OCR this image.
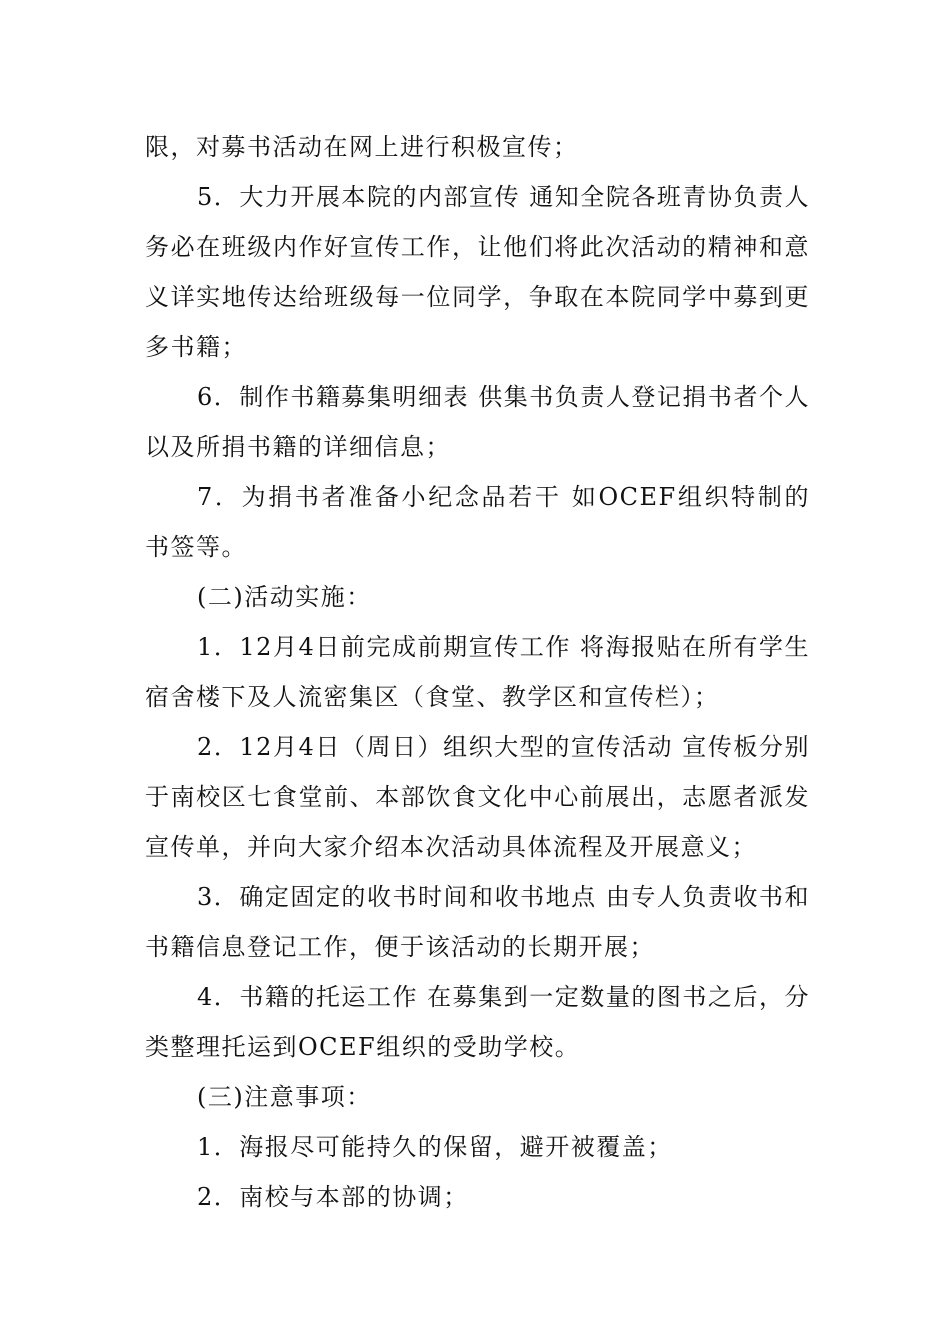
限，对募书活动在网上进行积极宣传；

5．大力开展本院的内部宣传 通知全院各班青协负责人务必在班级内作好宣传工作，让他们将此次活动的精神和意义详实地传达给班级每一位同学，争取在本院同学中募到更多书籍；

6．制作书籍募集明细表 供集书负责人登记捐书者个人以及所捐书籍的详细信息；

7．为捐书者准备小纪念品若干 如OCEF组织特制的书签等。

(二)活动实施：

1．12月4日前完成前期宣传工作 将海报贴在所有学生宿舍楼下及人流密集区（食堂、教学区和宣传栏）；

2．12月4日（周日）组织大型的宣传活动 宣传板分别于南校区七食堂前、本部饮食文化中心前展出，志愿者派发宣传单，并向大家介绍本次活动具体流程及开展意义；

3．确定固定的收书时间和收书地点 由专人负责收书和书籍信息登记工作，便于该活动的长期开展；

4．书籍的托运工作 在募集到一定数量的图书之后，分类整理托运到OCEF组织的受助学校。

(三)注意事项：

1．海报尽可能持久的保留，避开被覆盖；

2．南校与本部的协调；
